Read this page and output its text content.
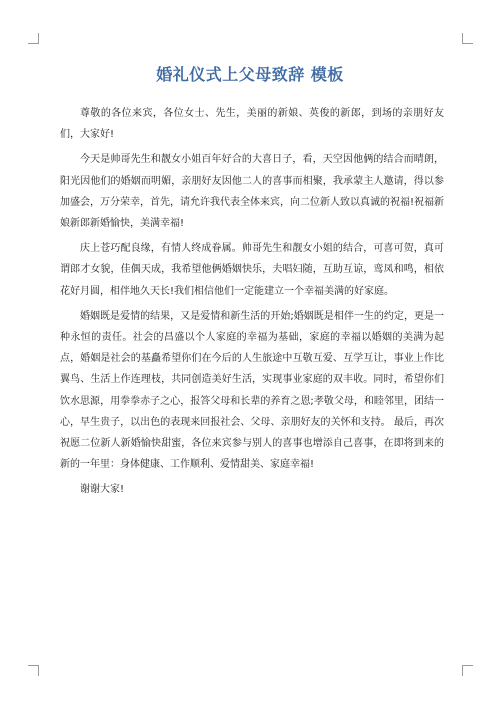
婚礼仪式上父母致辞 模板

尊敬的各位来宾，各位女士、先生，美丽的新娘、英俊的新郎，到场的亲朋好友们，大家好!

今天是帅哥先生和靓女小姐百年好合的大喜日子，看，天空因他俩的结合而晴朗，阳光因他们的婚姻而明媚，亲朋好友因他二人的喜事而相聚，我承蒙主人邀请，得以参加盛会，万分荣幸，首先，请允许我代表全体来宾，向二位新人致以真诚的祝福!祝福新娘新郎新婚愉快，美满幸福!

庆上苍巧配良缘，有情人终成眷属。帅哥先生和靓女小姐的结合，可喜可贺，真可谓郎才女貌，佳偶天成，我希望他俩婚姻快乐，夫唱妇随，互助互谅，鸾凤和鸣，相依花好月圆，相伴地久天长!我们相信他们一定能建立一个幸福美满的好家庭。

婚姻既是爱情的结果，又是爱情和新生活的开始;婚姻既是相伴一生的约定，更是一种永恒的责任。社会的昌盛以个人家庭的幸福为基础，家庭的幸福以婚姻的美满为起点，婚姻是社会的基矗希望你们在今后的人生旅途中互敬互爱、互学互让，事业上作比翼鸟、生活上作连理枝，共同创造美好生活，实现事业家庭的双丰收。同时，希望你们饮水思源，用拳拳赤子之心，报答父母和长辈的养育之恩;孝敬父母，和睦邻里，团结一心，早生贵子，以出色的表现来回报社会、父母、亲朋好友的关怀和支持。 最后，再次祝愿二位新人新婚愉快甜蜜，各位来宾参与别人的喜事也增添自己喜事，在即将到来的新的一年里：身体健康、工作顺利、爱情甜美、家庭幸福!

谢谢大家!
